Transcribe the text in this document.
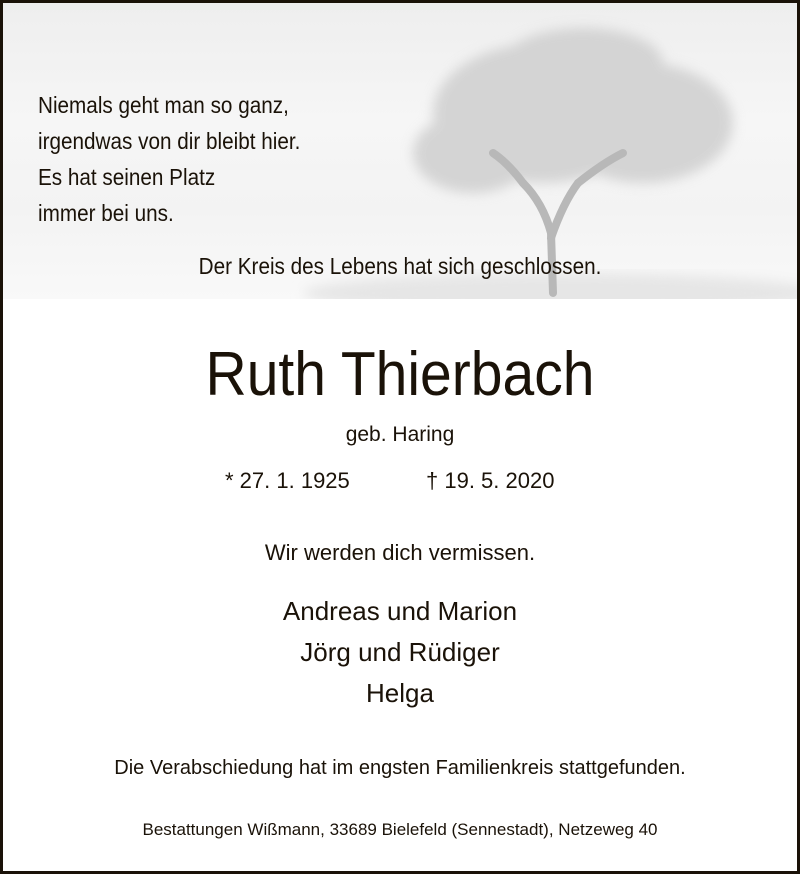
Niemals geht man so ganz,
irgendwas von dir bleibt hier.
Es hat seinen Platz
immer bei uns.
Der Kreis des Lebens hat sich geschlossen.
Ruth Thierbach
geb. Haring
* 27. 1. 1925	† 19. 5. 2020
Wir werden dich vermissen.
Andreas und Marion
Jörg und Rüdiger
Helga
Die Verabschiedung hat im engsten Familienkreis stattgefunden.
Bestattungen Wißmann, 33689 Bielefeld (Sennestadt), Netzeweg 40
